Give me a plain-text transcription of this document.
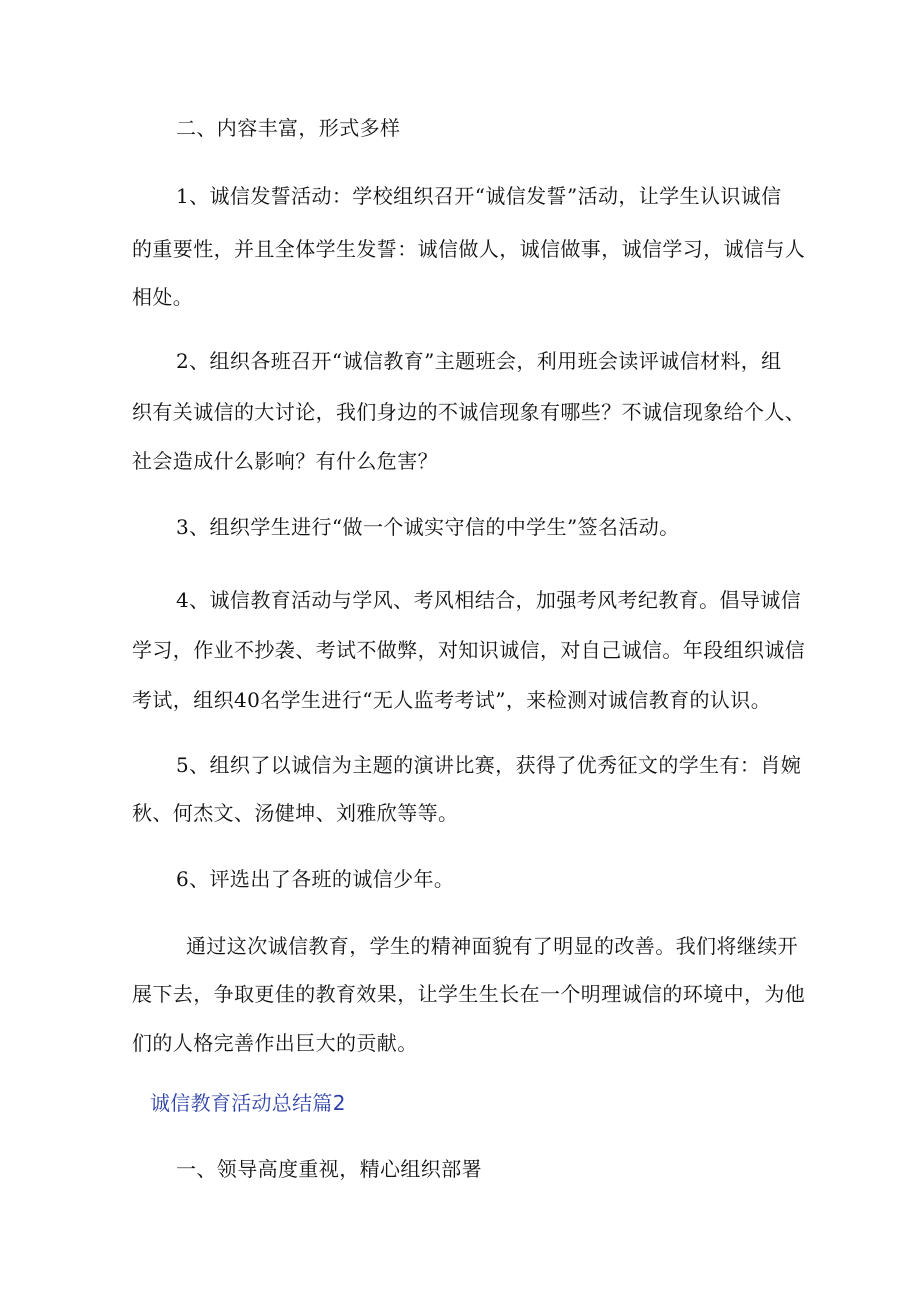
二、内容丰富，形式多样
1、诚信发誓活动：学校组织召开“诚信发誓”活动，让学生认识诚信
的重要性，并且全体学生发誓：诚信做人，诚信做事，诚信学习，诚信与人
相处。
2、组织各班召开“诚信教育”主题班会，利用班会读评诚信材料，组
织有关诚信的大讨论，我们身边的不诚信现象有哪些？不诚信现象给个人、
社会造成什么影响？有什么危害？
3、组织学生进行“做一个诚实守信的中学生”签名活动。
4、诚信教育活动与学风、考风相结合，加强考风考纪教育。倡导诚信
学习，作业不抄袭、考试不做弊，对知识诚信，对自己诚信。年段组织诚信
考试，组织40名学生进行“无人监考考试”，来检测对诚信教育的认识。
5、组织了以诚信为主题的演讲比赛，获得了优秀征文的学生有：肖婉
秋、何杰文、汤健坤、刘雅欣等等。
6、评选出了各班的诚信少年。
通过这次诚信教育，学生的精神面貌有了明显的改善。我们将继续开
展下去，争取更佳的教育效果，让学生生长在一个明理诚信的环境中，为他
们的人格完善作出巨大的贡献。
诚信教育活动总结篇2
一、领导高度重视，精心组织部署
